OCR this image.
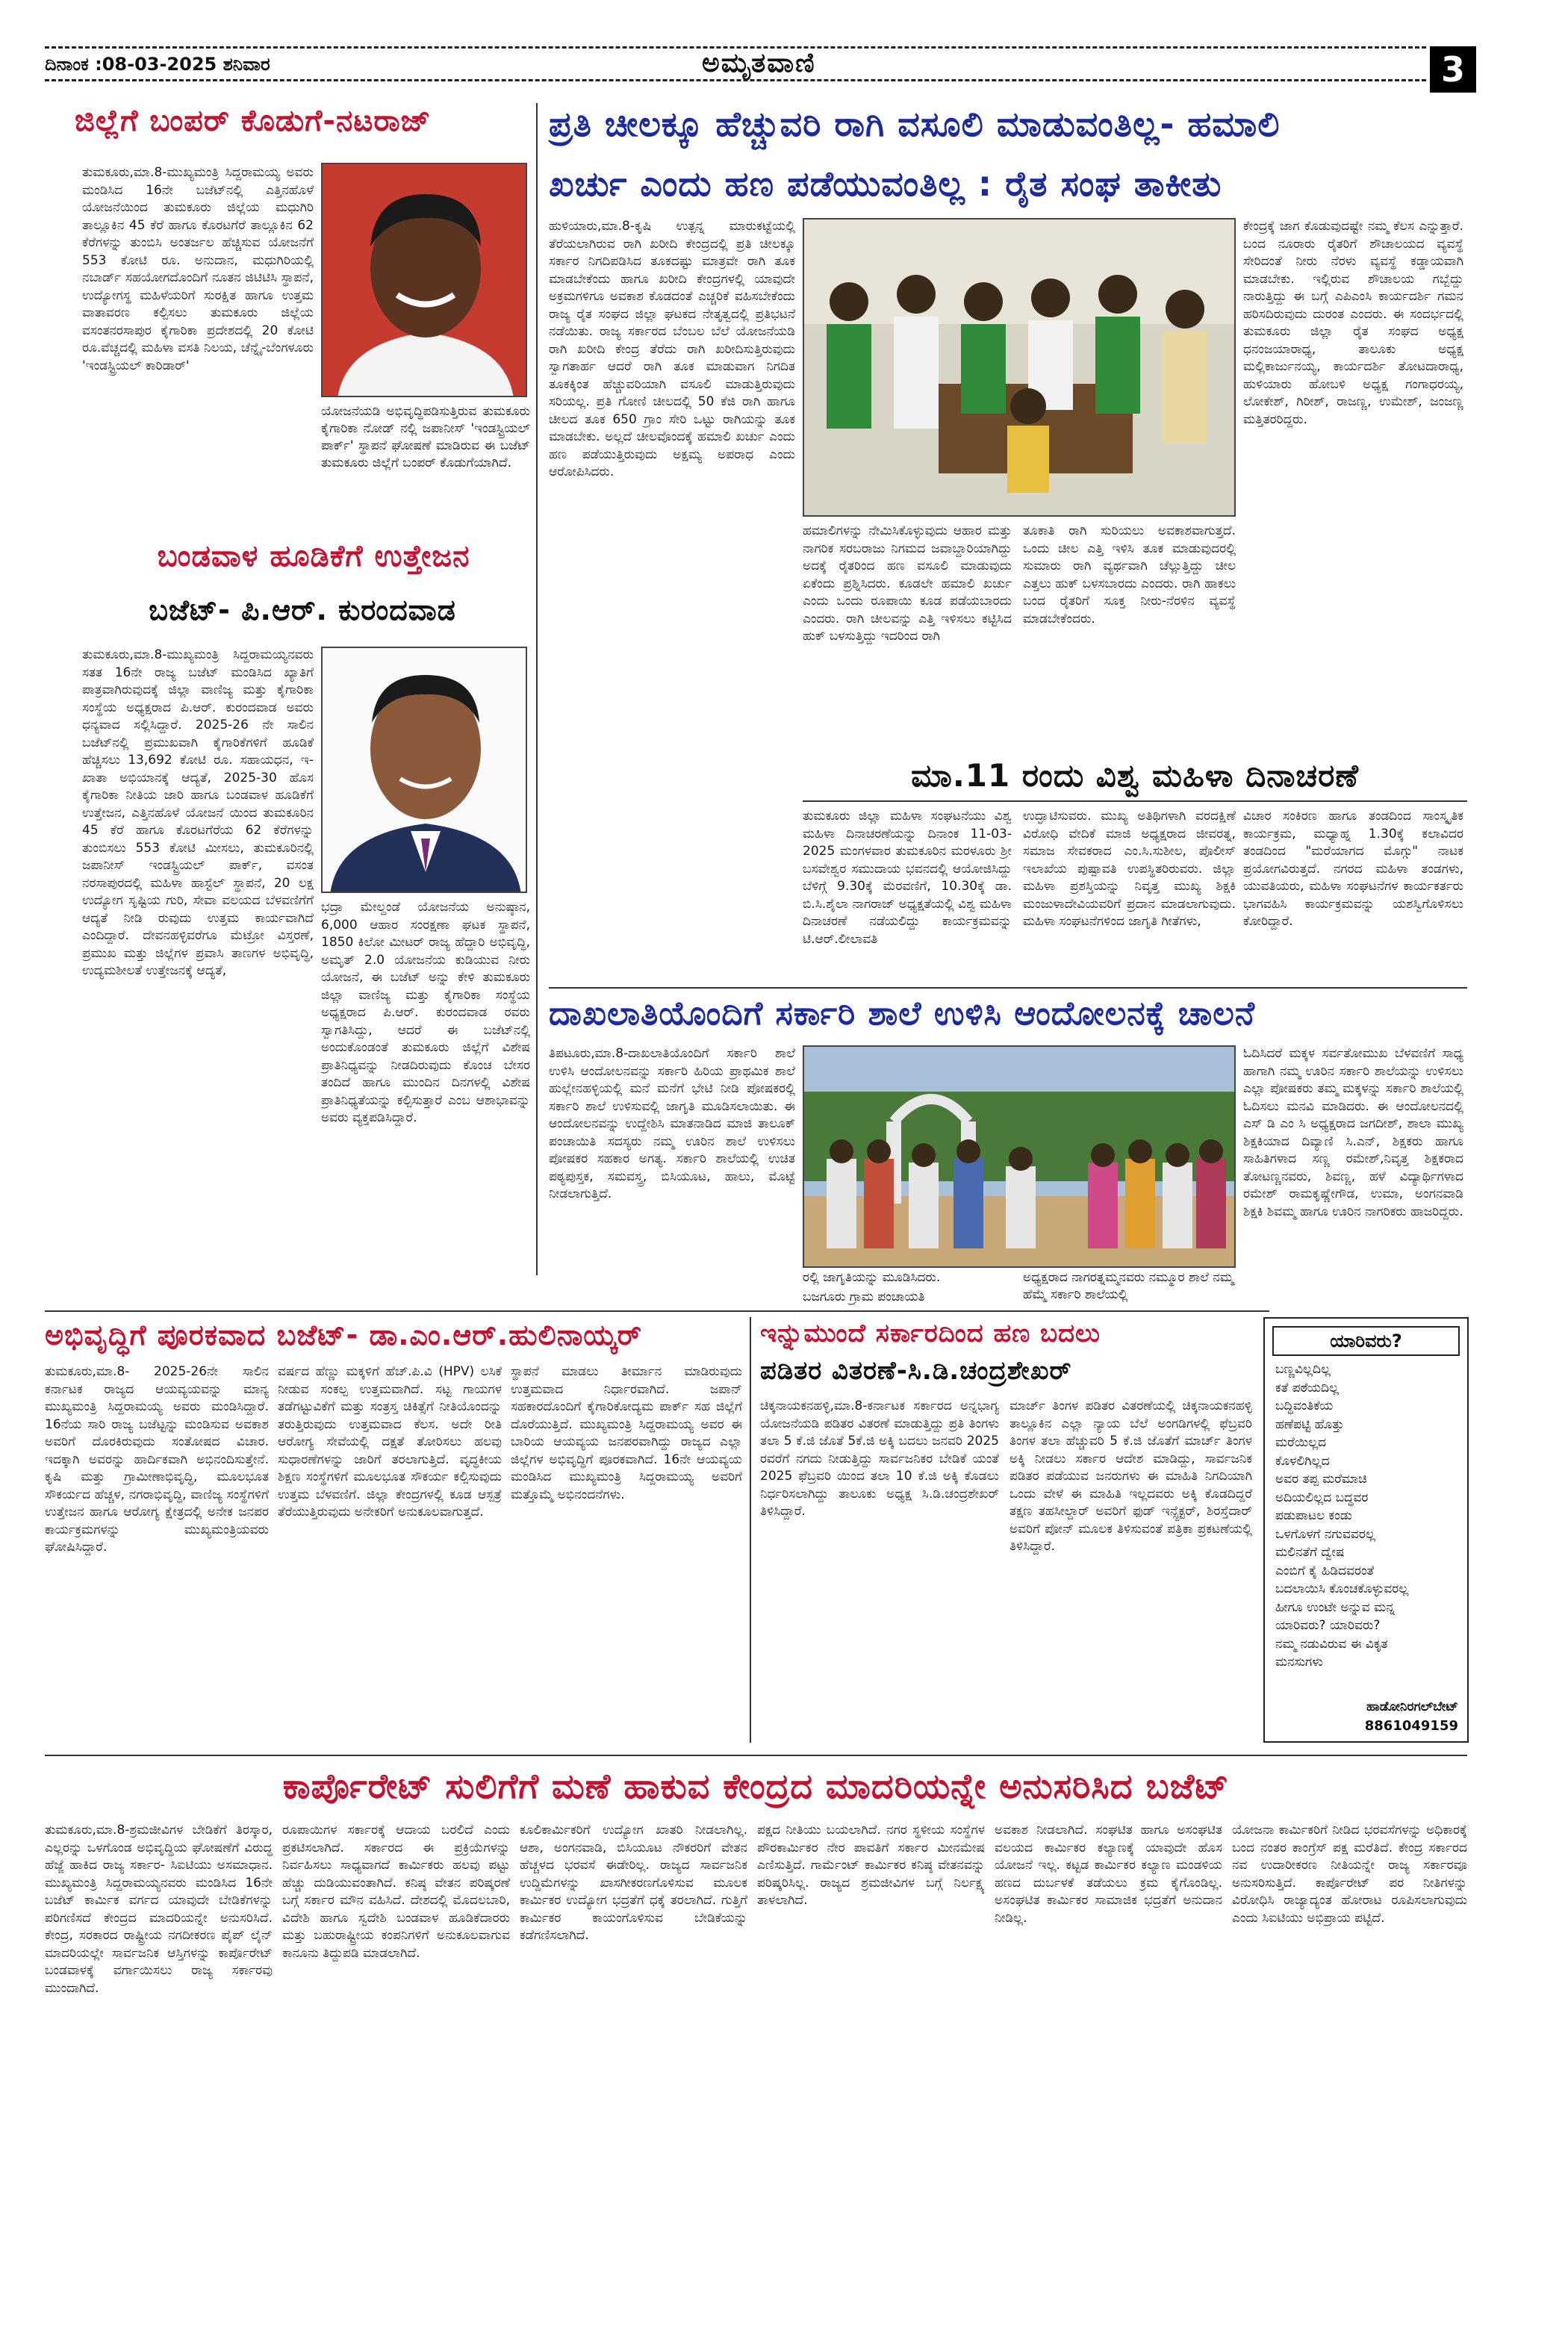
ದಿನಾಂಕ :08-03-2025 ಶನಿವಾರ	ಅಮೃತವಾಣಿ	3
ಜಿಲ್ಲೆಗೆ ಬಂಪರ್ ಕೊಡುಗೆ-ನಟರಾಜ್
ತುಮಕೂರು,ಮಾ.8-ಮುಖ್ಯಮಂತ್ರಿ ಸಿದ್ದರಾಮಯ್ಯ ಅವರು ಮಂಡಿಸಿದ 16ನೇ ಬಜೆಟ್‌ನಲ್ಲಿ ಎತ್ತಿನಹೊಳೆ ಯೋಜನೆಯಿಂದ ತುಮಕೂರು ಜಿಲ್ಲೆಯ ಮಧುಗಿರಿ ತಾಲ್ಲೂಕಿನ 45 ಕೆರೆ ಹಾಗೂ ಕೊರಟಗೆರೆ ತಾಲ್ಲೂಕಿನ 62 ಕೆರೆಗಳನ್ನು ತುಂಬಿಸಿ ಅಂತರ್ಜಲ ಹೆಚ್ಚಿಸುವ ಯೋಜನೆಗೆ 553 ಕೋಟಿ ರೂ. ಅನುದಾನ, ಮಧುಗಿರಿಯಲ್ಲಿ ನಬಾರ್ಡ್ ಸಹಯೋಗದೊಂದಿಗೆ ನೂತನ ಜಿಟಿಟಿಸಿ ಸ್ಥಾಪನೆ, ಉದ್ಯೋಗಸ್ಥ ಮಹಿಳೆಯರಿಗೆ ಸುರಕ್ಷಿತ ಹಾಗೂ ಉತ್ತಮ ವಾತಾವರಣ ಕಲ್ಪಿಸಲು ತುಮಕೂರು ಜಿಲ್ಲೆಯ ವಸಂತನರಸಾಪುರ ಕೈಗಾರಿಕಾ ಪ್ರದೇಶದಲ್ಲಿ 20 ಕೋಟಿ ರೂ.ವೆಚ್ಚದಲ್ಲಿ ಮಹಿಳಾ ವಸತಿ ನಿಲಯ, ಚೆನ್ನೈ-ಬೆಂಗಳೂರು 'ಇಂಡಸ್ಟ್ರಿಯಲ್ ಕಾರಿಡಾರ್'
ಯೋಜನೆಯಡಿ ಅಭಿವೃದ್ಧಿಪಡಿಸುತ್ತಿರುವ ತುಮಕೂರು ಕೈಗಾರಿಕಾ ನೋಡ್ ನಲ್ಲಿ ಜಪಾನೀಸ್ 'ಇಂಡಸ್ಟ್ರಿಯಲ್ ಪಾರ್ಕ್' ಸ್ಥಾಪನೆ ಘೋಷಣೆ ಮಾಡಿರುವ ಈ ಬಜೆಟ್ ತುಮಕೂರು ಜಿಲ್ಲೆಗೆ ಬಂಪರ್ ಕೊಡುಗೆಯಾಗಿದೆ.
ಬಂಡವಾಳ ಹೂಡಿಕೆಗೆ ಉತ್ತೇಜನ
ಬಜೆಟ್- ಪಿ.ಆರ್. ಕುರಂದವಾಡ
ತುಮಕೂರು,ಮಾ.8-ಮುಖ್ಯಮಂತ್ರಿ ಸಿದ್ದರಾಮಯ್ಯನವರು ಸತತ 16ನೇ ರಾಜ್ಯ ಬಜೆಟ್ ಮಂಡಿಸಿದ ಖ್ಯಾತಿಗೆ ಪಾತ್ರವಾಗಿರುವುದಕ್ಕೆ ಜಿಲ್ಲಾ ವಾಣಿಜ್ಯ ಮತ್ತು ಕೈಗಾರಿಕಾ ಸಂಸ್ಥೆಯ ಅಧ್ಯಕ್ಷರಾದ ಪಿ.ಆರ್. ಕುರಂದವಾಡ ಅವರು ಧನ್ಯವಾದ ಸಲ್ಲಿಸಿದ್ದಾರೆ. 2025-26 ನೇ ಸಾಲಿನ ಬಜೆಟ್‌ನಲ್ಲಿ ಪ್ರಮುಖವಾಗಿ ಕೈಗಾರಿಕೆಗಳಿಗೆ ಹೂಡಿಕೆ ಹೆಚ್ಚಿಸಲು 13,692 ಕೋಟಿ ರೂ. ಸಹಾಯಧನ, ಇ-ಖಾತಾ ಅಭಿಯಾನಕ್ಕೆ ಆದ್ಯತೆ, 2025-30 ಹೊಸ ಕೈಗಾರಿಕಾ ನೀತಿಯ ಜಾರಿ ಹಾಗೂ ಬಂಡವಾಳ ಹೂಡಿಕೆಗೆ ಉತ್ತೇಜನ, ಎತ್ತಿನಹೊಳೆ ಯೋಜನೆ ಯಿಂದ ತುಮಕೂರಿನ 45 ಕೆರೆ ಹಾಗೂ ಕೊರಟಗೆರೆಯ 62 ಕೆರೆಗಳನ್ನು ತುಂಬಿಸಲು 553 ಕೋಟಿ ಮೀಸಲು, ತುಮಕೂರಿನಲ್ಲಿ ಜಪಾನೀಸ್ ಇಂಡಸ್ಟ್ರಿಯಲ್ ಪಾರ್ಕ್, ವಸಂತ ನರಸಾಪುರದಲ್ಲಿ ಮಹಿಳಾ ಹಾಸ್ಟೆಲ್ ಸ್ಥಾಪನೆ, 20 ಲಕ್ಷ ಉದ್ಯೋಗ ಸೃಷ್ಟಿಯ ಗುರಿ, ಸೇವಾ ವಲಯದ ಬೆಳವಣಿಗೆಗೆ ಆದ್ಯತೆ ನೀಡಿ ರುವುದು ಉತ್ತಮ ಕಾರ್ಯವಾಗಿದೆ ಎಂದಿದ್ದಾರೆ. ದೇವನಹಳ್ಳಿವರೆಗೂ ಮೆಟ್ರೋ ವಿಸ್ತರಣೆ, ಪ್ರಮುಖ ಮತ್ತು ಜಿಲ್ಲೆಗಳ ಪ್ರವಾಸಿ ತಾಣಗಳ ಅಭಿವೃದ್ಧಿ, ಉದ್ಯಮಶೀಲತೆ ಉತ್ತೇಜನಕ್ಕೆ ಆದ್ಯತೆ,
ಭದ್ರಾ ಮೇಲ್ದಂಡೆ ಯೋಜನೆಯ ಅನುಷ್ಠಾನ, 6,000 ಆಹಾರ ಸಂರಕ್ಷಣಾ ಘಟಕ ಸ್ಥಾಪನೆ, 1850 ಕಿಲೋ ಮೀಟರ್ ರಾಜ್ಯ ಹೆದ್ದಾರಿ ಅಭಿವೃದ್ಧಿ, ಅಮೃತ್ 2.0 ಯೋಜನೆಯ ಕುಡಿಯುವ ನೀರು ಯೋಜನೆ, ಈ ಬಜೆಟ್ ಅನ್ನು ಕೇಳಿ ತುಮಕೂರು ಜಿಲ್ಲಾ ವಾಣಿಜ್ಯ ಮತ್ತು ಕೈಗಾರಿಕಾ ಸಂಸ್ಥೆಯ ಅಧ್ಯಕ್ಷರಾದ ಪಿ.ಆರ್. ಕುರಂದವಾಡ ರವರು ಸ್ವಾಗತಿಸಿದ್ದು, ಆದರೆ ಈ ಬಜೆಟ್‌ನಲ್ಲಿ ಅಂದುಕೊಂಡಂತೆ ತುಮಕೂರು ಜಿಲ್ಲೆಗೆ ವಿಶೇಷ ಪ್ರಾತಿನಿಧ್ಯವನ್ನು ನೀಡದಿರುವುದು ಕೊಂಚ ಬೇಸರ ತಂದಿದೆ ಹಾಗೂ ಮುಂದಿನ ದಿನಗಳಲ್ಲಿ ವಿಶೇಷ ಪ್ರಾತಿನಿಧ್ಯತೆಯನ್ನು ಕಲ್ಪಿಸುತ್ತಾರೆ ಎಂಬ ಆಶಾಭಾವನ್ನು ಅವರು ವ್ಯಕ್ತಪಡಿಸಿದ್ದಾರೆ.
ಪ್ರತಿ ಚೀಲಕ್ಕೂ ಹೆಚ್ಚುವರಿ ರಾಗಿ ವಸೂಲಿ ಮಾಡುವಂತಿಲ್ಲ- ಹಮಾಲಿ
ಖರ್ಚು ಎಂದು ಹಣ ಪಡೆಯುವಂತಿಲ್ಲ : ರೈತ ಸಂಘ ತಾಕೀತು
ಹುಳಿಯಾರು,ಮಾ.8-ಕೃಷಿ ಉತ್ಪನ್ನ ಮಾರುಕಟ್ಟೆಯಲ್ಲಿ ತೆರೆಯಲಾಗಿರುವ ರಾಗಿ ಖರೀದಿ ಕೇಂದ್ರದಲ್ಲಿ ಪ್ರತಿ ಚೀಲಕ್ಕೂ ಸರ್ಕಾರ ನಿಗದಿಪಡಿಸಿದ ತೂಕದಷ್ಟು ಮಾತ್ರವೇ ರಾಗಿ ತೂಕ ಮಾಡಬೇಕೆಂದು ಹಾಗೂ ಖರೀದಿ ಕೇಂದ್ರಗಳಲ್ಲಿ ಯಾವುದೇ ಅಕ್ರಮಗಳಿಗೂ ಅವಕಾಶ ಕೊಡದಂತೆ ಎಚ್ಚರಿಕೆ ವಹಿಸಬೇಕೆಂದು ರಾಜ್ಯ ರೈತ ಸಂಘದ ಜಿಲ್ಲಾ ಘಟಕದ ನೇತೃತ್ವದಲ್ಲಿ ಪ್ರತಿಭಟನೆ ನಡೆಯಿತು. ರಾಜ್ಯ ಸರ್ಕಾರದ ಬೆಂಬಲ ಬೆಲೆ ಯೋಜನೆಯಡಿ ರಾಗಿ ಖರೀದಿ ಕೇಂದ್ರ ತೆರೆದು ರಾಗಿ ಖರೀದಿಸುತ್ತಿರುವುದು ಸ್ವಾಗತಾರ್ಹ ಆದರೆ ರಾಗಿ ತೂಕ ಮಾಡುವಾಗ ನಿಗದಿತ ತೂಕಕ್ಕಿಂತ ಹೆಚ್ಚುವರಿಯಾಗಿ ವಸೂಲಿ ಮಾಡುತ್ತಿರುವುದು ಸರಿಯಲ್ಲ. ಪ್ರತಿ ಗೋಣಿ ಚೀಲದಲ್ಲಿ 50 ಕೆಜಿ ರಾಗಿ ಹಾಗೂ ಚೀಲದ ತೂಕ 650 ಗ್ರಾಂ ಸೇರಿ ಒಟ್ಟು ರಾಗಿಯನ್ನು ತೂಕ ಮಾಡಬೇಕು. ಅಲ್ಲದೆ ಚೀಲವೊಂದಕ್ಕೆ ಹಮಾಲಿ ಖರ್ಚು ಎಂದು ಹಣ ಪಡೆಯುತ್ತಿರುವುದು ಅಕ್ಷಮ್ಯ ಅಪರಾಧ ಎಂದು ಆರೋಪಿಸಿದರು.
ಹಮಾಲಿಗಳನ್ನು ನೇಮಿಸಿಕೊಳ್ಳುವುದು ಆಹಾರ ಮತ್ತು ನಾಗರಿಕ ಸರಬರಾಜು ನಿಗಮದ ಜವಾಬ್ದಾರಿಯಾಗಿದ್ದು ಅದಕ್ಕೆ ರೈತರಿಂದ ಹಣ ವಸೂಲಿ ಮಾಡುವುದು ಏಕೆಂದು ಪ್ರಶ್ನಿಸಿದರು. ಕೂಡಲೇ ಹಮಾಲಿ ಖರ್ಚು ಎಂದು ಒಂದು ರೂಪಾಯಿ ಕೂಡ ಪಡೆಯಬಾರದು ಎಂದರು. ರಾಗಿ ಚೀಲವನ್ನು ಎತ್ತಿ ಇಳಿಸಲು ಕಟ್ಟಿಸಿದ ಹುಕ್ ಬಳಸುತ್ತಿದ್ದು ಇದರಿಂದ ರಾಗಿ
ತೂಕಾತಿ ರಾಗಿ ಸುರಿಯಲು ಅವಕಾಶವಾಗುತ್ತದೆ. ಒಂದು ಚೀಲ ಎತ್ತಿ ಇಳಿಸಿ ತೂಕ ಮಾಡುವುದರಲ್ಲಿ ಸುಮಾರು ರಾಗಿ ವ್ಯರ್ಥವಾಗಿ ಚೆಲ್ಲುತ್ತಿದ್ದು ಚೀಲ ಎತ್ತಲು ಹುಕ್ ಬಳಸಬಾರದು ಎಂದರು. ರಾಗಿ ಹಾಕಲು ಬಂದ ರೈತರಿಗೆ ಸೂಕ್ತ ನೀರು-ನೆರಳಿನ ವ್ಯವಸ್ಥೆ ಮಾಡಬೇಕೆಂದರು.
ಕೇಂದ್ರಕ್ಕೆ ಜಾಗ ಕೊಡುವುದಷ್ಟೇ ನಮ್ಮ ಕೆಲಸ ಎನ್ನುತ್ತಾರೆ. ಬಂದ ನೂರಾರು ರೈತರಿಗೆ ಶೌಚಾಲಯದ ವ್ಯವಸ್ಥೆ ಸೇರಿದಂತೆ ನೀರು ನೆರಳು ವ್ಯವಸ್ಥೆ ಕಡ್ಡಾಯವಾಗಿ ಮಾಡಬೇಕು. ಇಲ್ಲಿರುವ ಶೌಚಾಲಯ ಗಬ್ಬೆದ್ದು ನಾರುತ್ತಿದ್ದು ಈ ಬಗ್ಗೆ ಎಪಿಎಂಸಿ ಕಾರ್ಯದರ್ಶಿ ಗಮನ ಹರಿಸದಿರುವುದು ದುರಂತ ಎಂದರು. ಈ ಸಂದರ್ಭದಲ್ಲಿ ತುಮಕೂರು ಜಿಲ್ಲಾ ರೈತ ಸಂಘದ ಅಧ್ಯಕ್ಷ ಧನಂಜಯಾರಾಧ್ಯ, ತಾಲೂಕು ಅಧ್ಯಕ್ಷ ಮಲ್ಲಿಕಾರ್ಜುನಯ್ಯ, ಕಾರ್ಯದರ್ಶಿ ತೋಟದಾರಾಧ್ಯ, ಹುಳಿಯಾರು ಹೋಬಳಿ ಅಧ್ಯಕ್ಷ ಗಂಗಾಧರಯ್ಯ, ಲೋಕೇಶ್, ಗಿರೀಶ್, ರಾಜಣ್ಣ, ಉಮೇಶ್, ಜಂಜಣ್ಣ ಮತ್ತಿತರರಿದ್ದರು.
ಮಾ.11 ರಂದು ವಿಶ್ವ ಮಹಿಳಾ ದಿನಾಚರಣೆ
ತುಮಕೂರು ಜಿಲ್ಲಾ ಮಹಿಳಾ ಸಂಘಟನೆಯು ವಿಶ್ವ ಮಹಿಳಾ ದಿನಾಚರಣೆಯನ್ನು ದಿನಾಂಕ 11-03-2025 ಮಂಗಳವಾರ ತುಮಕೂರಿನ ಮರಳೂರು ಶ್ರೀ ಬಸವೇಶ್ವರ ಸಮುದಾಯ ಭವನದಲ್ಲಿ ಆಯೋಜಿಸಿದ್ದು ಬೆಳಿಗ್ಗೆ 9.30ಕ್ಕೆ ಮೆರವಣಿಗೆ, 10.30ಕ್ಕೆ ಡಾ. ಬಿ.ಸಿ.ಶೈಲಾ ನಾಗರಾಜ್ ಅಧ್ಯಕ್ಷತೆಯಲ್ಲಿ ವಿಶ್ವ ಮಹಿಳಾ ದಿನಾಚರಣೆ ನಡೆಯಲಿದ್ದು ಕಾರ್ಯಕ್ರಮವನ್ನು ಟಿ.ಆರ್.ಲೀಲಾವತಿ
ಉದ್ಘಾಟಿಸುವರು. ಮುಖ್ಯ ಅತಿಥಿಗಳಾಗಿ ವರದಕ್ಷಿಣೆ ವಿರೋಧಿ ವೇದಿಕೆ ಮಾಜಿ ಅಧ್ಯಕ್ಷರಾದ ಜೀವರತ್ನ, ಸಮಾಜ ಸೇವಕರಾದ ಎಂ.ಸಿ.ಸುಶೀಲ, ಪೊಲೀಸ್ ಇಲಾಖೆಯ ಪುಷ್ಪಾವತಿ ಉಪಸ್ಥಿತರಿರುವರು. ಜಿಲ್ಲಾ ಮಹಿಳಾ ಪ್ರಶಸ್ತಿಯನ್ನು ನಿವೃತ್ತ ಮುಖ್ಯ ಶಿಕ್ಷಕಿ ಮಂಜುಳಾದೇವಿಯವರಿಗೆ ಪ್ರದಾನ ಮಾಡಲಾಗುವುದು. ಮಹಿಳಾ ಸಂಘಟನೆಗಳಿಂದ ಜಾಗೃತಿ ಗೀತೆಗಳು,
ವಿಚಾರ ಸಂಕಿರಣ ಹಾಗೂ ತಂಡದಿಂದ ಸಾಂಸ್ಕೃತಿಕ ಕಾರ್ಯಕ್ರಮ, ಮಧ್ಯಾಹ್ನ 1.30ಕ್ಕೆ ಕಲಾವಿದರ ತಂಡದಿಂದ "ಮರೆಯಾಗದ ಮೊಗ್ಗು" ನಾಟಕ ಪ್ರಯೋಗವಿರುತ್ತದೆ. ನಗರದ ಮಹಿಳಾ ತಂಡಗಳು, ಯುವತಿಯರು, ಮಹಿಳಾ ಸಂಘಟನೆಗಳ ಕಾರ್ಯಕರ್ತರು ಭಾಗವಹಿಸಿ ಕಾರ್ಯಕ್ರಮವನ್ನು ಯಶಸ್ವಿಗೊಳಿಸಲು ಕೋರಿದ್ದಾರೆ.
ದಾಖಲಾತಿಯೊಂದಿಗೆ ಸರ್ಕಾರಿ ಶಾಲೆ ಉಳಿಸಿ ಆಂದೋಲನಕ್ಕೆ ಚಾಲನೆ
ತಿಪಟೂರು,ಮಾ.8-ದಾಖಲಾತಿಯೊಂದಿಗೆ ಸರ್ಕಾರಿ ಶಾಲೆ ಉಳಿಸಿ ಆಂದೋಲನವನ್ನು ಸರ್ಕಾರಿ ಹಿರಿಯ ಪ್ರಾಥಮಿಕ ಶಾಲೆ ಹುಲ್ಲೇನಹಳ್ಳಿಯಲ್ಲಿ ಮನೆ ಮನೆಗೆ ಭೇಟಿ ನೀಡಿ ಪೋಷಕರಲ್ಲಿ ಸರ್ಕಾರಿ ಶಾಲೆ ಉಳಿಸುವಲ್ಲಿ ಜಾಗೃತಿ ಮೂಡಿಸಲಾಯಿತು. ಈ ಆಂದೋಲನವನ್ನು ಉದ್ದೇಶಿಸಿ ಮಾತನಾಡಿದ ಮಾಜಿ ತಾಲೂಕ್ ಪಂಚಾಯಿತಿ ಸದಸ್ಯರು ನಮ್ಮ ಊರಿನ ಶಾಲೆ ಉಳಿಸಲು ಪೋಷಕರ ಸಹಕಾರ ಅಗತ್ಯ. ಸರ್ಕಾರಿ ಶಾಲೆಯಲ್ಲಿ ಉಚಿತ ಪಠ್ಯಪುಸ್ತಕ, ಸಮವಸ್ತ್ರ, ಬಿಸಿಯೂಟ, ಹಾಲು, ಮೊಟ್ಟೆ ನೀಡಲಾಗುತ್ತಿದೆ.
ರಲ್ಲಿ ಜಾಗೃತಿಯನ್ನು ಮೂಡಿಸಿದರು.	ಅಧ್ಯಕ್ಷರಾದ ನಾಗರತ್ನಮ್ಮನವರು ನಮ್ಮೂರ ಶಾಲೆ ನಮ್ಮ ಹೆಮ್ಮೆ ಸರ್ಕಾರಿ ಶಾಲೆಯಲ್ಲಿ
ಬಜಗೂರು ಗ್ರಾಮ ಪಂಚಾಯತಿ
ಓದಿಸಿದರೆ ಮಕ್ಕಳ ಸರ್ವತೋಮುಖ ಬೆಳವಣಿಗೆ ಸಾಧ್ಯ ಹಾಗಾಗಿ ನಮ್ಮ ಊರಿನ ಸರ್ಕಾರಿ ಶಾಲೆಯನ್ನು ಉಳಿಸಲು ಎಲ್ಲಾ ಪೋಷಕರು ತಮ್ಮ ಮಕ್ಕಳನ್ನು ಸರ್ಕಾರಿ ಶಾಲೆಯಲ್ಲಿ ಓದಿಸಲು ಮನವಿ ಮಾಡಿದರು. ಈ ಆಂದೋಲನದಲ್ಲಿ ಎಸ್ ಡಿ ಎಂ ಸಿ ಅಧ್ಯಕ್ಷರಾದ ಜಗದೀಶ್, ಶಾಲಾ ಮುಖ್ಯ ಶಿಕ್ಷಕಿಯಾದ ದಿವ್ಯಾಣಿ ಸಿ.ಎನ್, ಶಿಕ್ಷಕರು ಹಾಗೂ ಸಾಹಿತಿಗಳಾದ ಸಣ್ಣ ರಮೇಶ್,ನಿವೃತ್ತ ಶಿಕ್ಷಕರಾದ ತೋಟಣ್ಣನವರು, ಶಿವಣ್ಣ, ಹಳೆ ವಿದ್ಯಾರ್ಥಿಗಳಾದ ರಮೇಶ್ ರಾಮಕೃಷ್ಣೇಗೌಡ, ಉಮಾ, ಅಂಗನವಾಡಿ ಶಿಕ್ಷಕಿ ಶಿವಮ್ಮ ಹಾಗೂ ಊರಿನ ನಾಗರಿಕರು ಹಾಜರಿದ್ದರು.
ಅಭಿವೃದ್ಧಿಗೆ ಪೂರಕವಾದ ಬಜೆಟ್- ಡಾ.ಎಂ.ಆರ್.ಹುಲಿನಾಯ್ಕರ್
ತುಮಕೂರು,ಮಾ.8- 2025-26ನೇ ಸಾಲಿನ ಕರ್ನಾಟಕ ರಾಜ್ಯದ ಆಯವ್ಯಯವನ್ನು ಮಾನ್ಯ ಮುಖ್ಯಮಂತ್ರಿ ಸಿದ್ದರಾಮಯ್ಯ ಅವರು ಮಂಡಿಸಿದ್ದಾರೆ. 16ನೆಯ ಸಾರಿ ರಾಜ್ಯ ಬಜೆಟ್ಟನ್ನು ಮಂಡಿಸುವ ಅವಕಾಶ ಅವರಿಗೆ ದೊರಕಿರುವುದು ಸಂತೋಷದ ವಿಚಾರ. ಇದಕ್ಕಾಗಿ ಅವರನ್ನು ಹಾರ್ದಿಕವಾಗಿ ಅಭಿನಂದಿಸುತ್ತೇನೆ. ಕೃಷಿ ಮತ್ತು ಗ್ರಾಮೀಣಾಭಿವೃದ್ಧಿ, ಮೂಲಭೂತ ಸೌಕರ್ಯದ ಹೆಚ್ಚಳ, ನಗರಾಭಿವೃದ್ಧಿ, ವಾಣಿಜ್ಯ ಸಂಸ್ಥೆಗಳಿಗೆ ಉತ್ತೇಜನ ಹಾಗೂ ಆರೋಗ್ಯ ಕ್ಷೇತ್ರದಲ್ಲಿ ಅನೇಕ ಜನಪರ ಕಾರ್ಯಕ್ರಮಗಳನ್ನು ಮುಖ್ಯಮಂತ್ರಿಯವರು ಘೋಷಿಸಿದ್ದಾರೆ.
ವರ್ಷದ ಹೆಣ್ಣು ಮಕ್ಕಳಿಗೆ ಹೆಚ್.ಪಿ.ವಿ (HPV) ಲಸಿಕೆ ನೀಡುವ ಸಂಕಲ್ಪ ಉತ್ತಮವಾಗಿದೆ. ಸಟ್ಟ ಗಾಯಗಳ ತಡೆಗಟ್ಟುವಿಕೆಗೆ ಮತ್ತು ಸಂತ್ರಸ್ತ ಚಿಕಿತ್ಸೆಗೆ ನೀತಿಯೊಂದನ್ನು ತರುತ್ತಿರುವುದು ಉತ್ತಮವಾದ ಕೆಲಸ. ಅದೇ ರೀತಿ ಆರೋಗ್ಯ ಸೇವೆಯಲ್ಲಿ ದಕ್ಷತೆ ತೋರಿಸಲು ಹಲವು ಸುಧಾರಣೆಗಳನ್ನು ಜಾರಿಗೆ ತರಲಾಗುತ್ತಿದೆ. ವೃದ್ಧಕೀಯ ಶಿಕ್ಷಣ ಸಂಸ್ಥೆಗಳಿಗೆ ಮೂಲಭೂತ ಸೌಕರ್ಯ ಕಲ್ಪಿಸುವುದು ಉತ್ತಮ ಬೆಳವಣಿಗೆ. ಜಿಲ್ಲಾ ಕೇಂದ್ರಗಳಲ್ಲಿ ಕೂಡ ಆಸ್ಪತ್ರೆ ತೆರೆಯುತ್ತಿರುವುದು ಅನೇಕರಿಗೆ ಅನುಕೂಲವಾಗುತ್ತದೆ.
ಸ್ಥಾಪನೆ ಮಾಡಲು ತೀರ್ಮಾನ ಮಾಡಿರುವುದು ಉತ್ತಮವಾದ ನಿರ್ಧಾರವಾಗಿದೆ. ಜಪಾನ್ ಸಹಕಾರದೊಂದಿಗೆ ಕೈಗಾರಿಕೋದ್ಯಮ ಪಾರ್ಕ್ ಸಹ ಜಿಲ್ಲೆಗೆ ದೊರೆಯುತ್ತಿದೆ. ಮುಖ್ಯಮಂತ್ರಿ ಸಿದ್ದರಾಮಯ್ಯ ಅವರ ಈ ಬಾರಿಯ ಆಯವ್ಯಯ ಜನಪರವಾಗಿದ್ದು ರಾಜ್ಯದ ಎಲ್ಲಾ ಜಿಲ್ಲೆಗಳ ಅಭಿವೃದ್ಧಿಗೆ ಪೂರಕವಾಗಿದೆ. 16ನೇ ಆಯವ್ಯಯ ಮಂಡಿಸಿದ ಮುಖ್ಯಮಂತ್ರಿ ಸಿದ್ದರಾಮಯ್ಯ ಅವರಿಗೆ ಮತ್ತೊಮ್ಮೆ ಅಭಿನಂದನೆಗಳು.
ಇನ್ನುಮುಂದೆ ಸರ್ಕಾರದಿಂದ ಹಣ ಬದಲು
ಪಡಿತರ ವಿತರಣೆ-ಸಿ.ಡಿ.ಚಂದ್ರಶೇಖರ್
ಚಿಕ್ಕನಾಯಕನಹಳ್ಳಿ,ಮಾ.8-ಕರ್ನಾಟಕ ಸರ್ಕಾರದ ಅನ್ನಭಾಗ್ಯ ಯೋಜನೆಯಡಿ ಪಡಿತರ ವಿತರಣೆ ಮಾಡುತ್ತಿದ್ದು ಪ್ರತಿ ತಿಂಗಳು ತಲಾ 5 ಕೆ.ಜಿ ಜೊತೆ 5ಕೆ.ಜಿ ಅಕ್ಕಿ ಬದಲು ಜನವರಿ 2025 ರವರೆಗೆ ನಗದು ನೀಡುತ್ತಿದ್ದು ಸಾರ್ವಜನಿಕರ ಬೇಡಿಕೆ ಯಂತೆ 2025 ಫೆಬ್ರವರಿ ಯಿಂದ ತಲಾ 10 ಕೆ.ಜಿ ಅಕ್ಕಿ ಕೊಡಲು ನಿರ್ಧರಿಸಲಾಗಿದ್ದು ತಾಲೂಕು ಅಧ್ಯಕ್ಷ ಸಿ.ಡಿ.ಚಂದ್ರಶೇಖರ್ ತಿಳಿಸಿದ್ದಾರೆ.
ಮಾರ್ಚ್ ತಿಂಗಳ ಪಡಿತರ ವಿತರಣೆಯಲ್ಲಿ ಚಿಕ್ಕನಾಯಕನಹಳ್ಳಿ ತಾಲ್ಲೂಕಿನ ಎಲ್ಲಾ ನ್ಯಾಯ ಬೆಲೆ ಅಂಗಡಿಗಳಲ್ಲಿ ಫೆಬ್ರವರಿ ತಿಂಗಳ ತಲಾ ಹೆಚ್ಚುವರಿ 5 ಕೆ.ಜಿ ಜೊತೆಗೆ ಮಾರ್ಚ್ ತಿಂಗಳ ಅಕ್ಕಿ ನೀಡಲು ಸರ್ಕಾರ ಆದೇಶ ಮಾಡಿದ್ದು, ಸಾರ್ವಜನಿಕ ಪಡಿತರ ಪಡೆಯುವ ಜನರುಗಳು ಈ ಮಾಹಿತಿ ನಿಗದಿಯಾಗಿ ಒಂದು ವೇಳೆ ಈ ಮಾಹಿತಿ ಇಲ್ಲದವರು ಅಕ್ಕಿ ಕೊಡದಿದ್ದರೆ ತಕ್ಷಣ ತಹಸೀಲ್ದಾರ್ ಅವರಿಗೆ ಫುಡ್ ಇನ್ಸ್ಪೆಕ್ಟರ್, ಶಿರಸ್ತೆದಾರ್ ಅವರಿಗೆ ಪೋನ್ ಮೂಲಕ ತಿಳಿಸುವಂತೆ ಪತ್ರಿಕಾ ಪ್ರಕಟಣೆಯಲ್ಲಿ ತಿಳಿಸಿದ್ದಾರೆ.
ಯಾರಿವರು?
ಬಣ್ಣವಿಲ್ಲದಿಲ್ಲ
ಕತೆ ಪಠೆಯದಿಲ್ಲ
ಬದ್ಧಿವಂತಿಕೆಯ
ಹಣೆಪಟ್ಟಿ ಹೊತ್ತು
ಮರೆಯಿಲ್ಲದ
ಕೊಳಲಿಗಿಲ್ಲದ
ಅವರ ತಪ್ಪ ಮರೆಮಾಚಿ
ಅದಿಯಲಿಲ್ಲದ ಬದ್ಧವರ
ಪಡುಪಾಟಲ ಕಂಡು
ಒಳಗೊಳಗೆ ನಗುವವರಲ್ಲ
ಮಲಿನತೆಗೆ ದ್ವೇಷ
ಎಂಬಿಗೆ ಕೈ ಹಿಡಿದವರಂತೆ
ಬದಲಾಯಿಸಿ ಕೊಂಚಕೊಳ್ಳುವರಲ್ಲ
ಹೀಗೂ ಉಂಟೇ ಅನ್ನುವ ಮನ್ನ
ಯಾರಿವರು? ಯಾರಿವರು?
ನಮ್ಮ ನಡುವಿರುವ ಈ ವಿಕೃತ
ಮನಸುಗಳು
ಹಾಡೋನಿರಗಲ್‌ಬೇಟ್
8861049159
ಕಾರ್ಪೊರೇಟ್ ಸುಲಿಗೆಗೆ ಮಣೆ ಹಾಕುವ ಕೇಂದ್ರದ ಮಾದರಿಯನ್ನೇ ಅನುಸರಿಸಿದ ಬಜೆಟ್
ತುಮಕೂರು,ಮಾ.8-ಶ್ರಮಜೀವಿಗಳ ಬೇಡಿಕೆಗೆ ತಿರಸ್ಕಾರ, ಎಲ್ಲರನ್ನು ಒಳಗೊಂಡ ಅಭಿವೃದ್ಧಿಯ ಘೋಷಣೆಗೆ ವಿರುದ್ಧ ಹೆಜ್ಜೆ ಹಾಕಿದ ರಾಜ್ಯ ಸರ್ಕಾರ- ಸಿಐಟಿಯು ಅಸಮಾಧಾನ. ಮುಖ್ಯಮಂತ್ರಿ ಸಿದ್ದರಾಮಯ್ಯನವರು ಮಂಡಿಸಿದ 16ನೇ ಬಜೆಟ್ ಕಾರ್ಮಿಕ ವರ್ಗದ ಯಾವುದೇ ಬೇಡಿಕೆಗಳನ್ನು ಪರಿಗಣಿಸದೆ ಕೇಂದ್ರದ ಮಾದರಿಯನ್ನೇ ಅನುಸರಿಸಿದೆ. ಕೇಂದ್ರ, ಸರಕಾರದ ರಾಷ್ಟ್ರೀಯ ನಗದೀಕರಣ ಪೈಪ್ ಲೈನ್ ಮಾದರಿಯಲ್ಲೇ ಸಾರ್ವಜನಿಕ ಆಸ್ತಿಗಳನ್ನು ಕಾರ್ಪೊರೇಟ್ ಬಂಡವಾಳಕ್ಕೆ ವರ್ಗಾಯಿಸಲು ರಾಜ್ಯ ಸರ್ಕಾರವು ಮುಂದಾಗಿದೆ.
ರೂಪಾಯಿಗಳ ಸರ್ಕಾರಕ್ಕೆ ಆದಾಯ ಬರಲಿದೆ ಎಂದು ಪ್ರಕಟಿಸಲಾಗಿದೆ. ಸರ್ಕಾರದ ಈ ಪ್ರಕ್ರಿಯೆಗಳನ್ನು ನಿರ್ವಹಿಸಲು ಸಾಧ್ಯವಾಗದೆ ಕಾರ್ಮಿಕರು ಹಲವು ಪಟ್ಟು ಹೆಚ್ಚು ದುಡಿಯುವಂತಾಗಿದೆ. ಕನಿಷ್ಠ ವೇತನ ಪರಿಷ್ಕರಣೆ ಬಗ್ಗೆ ಸರ್ಕಾರ ಮೌನ ವಹಿಸಿದೆ. ದೇಶದಲ್ಲಿ ಮೊದಲಬಾರಿ, ವಿದೇಶಿ ಹಾಗೂ ಸ್ವದೇಶಿ ಬಂಡವಾಳ ಹೂಡಿಕೆದಾರರು ಮತ್ತು ಬಹುರಾಷ್ಟ್ರೀಯ ಕಂಪನಿಗಳಿಗೆ ಅನುಕೂಲವಾಗುವ ಕಾನೂನು ತಿದ್ದುಪಡಿ ಮಾಡಲಾಗಿದೆ.
ಕೂಲಿಕಾರ್ಮಿಕರಿಗೆ ಉದ್ಯೋಗ ಖಾತರಿ ನೀಡಲಾಗಿಲ್ಲ. ಆಶಾ, ಅಂಗನವಾಡಿ, ಬಿಸಿಯೂಟ ನೌಕರರಿಗೆ ವೇತನ ಹೆಚ್ಚಳದ ಭರವಸೆ ಈಡೇರಿಲ್ಲ. ರಾಜ್ಯದ ಸಾರ್ವಜನಿಕ ಉದ್ದಿಮೆಗಳನ್ನು ಖಾಸಗೀಕರಣಗೊಳಿಸುವ ಮೂಲಕ ಕಾರ್ಮಿಕರ ಉದ್ಯೋಗ ಭದ್ರತೆಗೆ ಧಕ್ಕೆ ತರಲಾಗಿದೆ. ಗುತ್ತಿಗೆ ಕಾರ್ಮಿಕರ ಕಾಯಂಗೊಳಿಸುವ ಬೇಡಿಕೆಯನ್ನು ಕಡೆಗಣಿಸಲಾಗಿದೆ.
ಪಕ್ಷದ ನೀತಿಯು ಬಯಲಾಗಿದೆ. ನಗರ ಸ್ಥಳೀಯ ಸಂಸ್ಥೆಗಳ ಪೌರಕಾರ್ಮಿಕರ ನೇರ ಪಾವತಿಗೆ ಸರ್ಕಾರ ಮೀನಮೇಷ ಎಣಿಸುತ್ತಿದೆ. ಗಾರ್ಮೆಂಟ್ ಕಾರ್ಮಿಕರ ಕನಿಷ್ಠ ವೇತನವನ್ನು ಪರಿಷ್ಕರಿಸಿಲ್ಲ. ರಾಜ್ಯದ ಶ್ರಮಜೀವಿಗಳ ಬಗ್ಗೆ ನಿರ್ಲಕ್ಷ್ಯ ತಾಳಲಾಗಿದೆ.
ಅವಕಾಶ ನೀಡಲಾಗಿದೆ. ಸಂಘಟಿತ ಹಾಗೂ ಅಸಂಘಟಿತ ವಲಯದ ಕಾರ್ಮಿಕರ ಕಲ್ಯಾಣಕ್ಕೆ ಯಾವುದೇ ಹೊಸ ಯೋಜನೆ ಇಲ್ಲ. ಕಟ್ಟಡ ಕಾರ್ಮಿಕರ ಕಲ್ಯಾಣ ಮಂಡಳಿಯ ಹಣದ ದುರ್ಬಳಕೆ ತಡೆಯಲು ಕ್ರಮ ಕೈಗೊಂಡಿಲ್ಲ. ಅಸಂಘಟಿತ ಕಾರ್ಮಿಕರ ಸಾಮಾಜಿಕ ಭದ್ರತೆಗೆ ಅನುದಾನ ನೀಡಿಲ್ಲ.
ಯೋಜನಾ ಕಾರ್ಮಿಕರಿಗೆ ನೀಡಿದ ಭರವಸೆಗಳನ್ನು ಅಧಿಕಾರಕ್ಕೆ ಬಂದ ನಂತರ ಕಾಂಗ್ರೆಸ್ ಪಕ್ಷ ಮರೆತಿದೆ. ಕೇಂದ್ರ ಸರ್ಕಾರದ ನವ ಉದಾರೀಕರಣ ನೀತಿಯನ್ನೇ ರಾಜ್ಯ ಸರ್ಕಾರವೂ ಅನುಸರಿಸುತ್ತಿದೆ. ಕಾರ್ಪೊರೇಟ್ ಪರ ನೀತಿಗಳನ್ನು ವಿರೋಧಿಸಿ ರಾಜ್ಯಾದ್ಯಂತ ಹೋರಾಟ ರೂಪಿಸಲಾಗುವುದು ಎಂದು ಸಿಐಟಿಯು ಅಭಿಪ್ರಾಯ ಪಟ್ಟಿದೆ.
